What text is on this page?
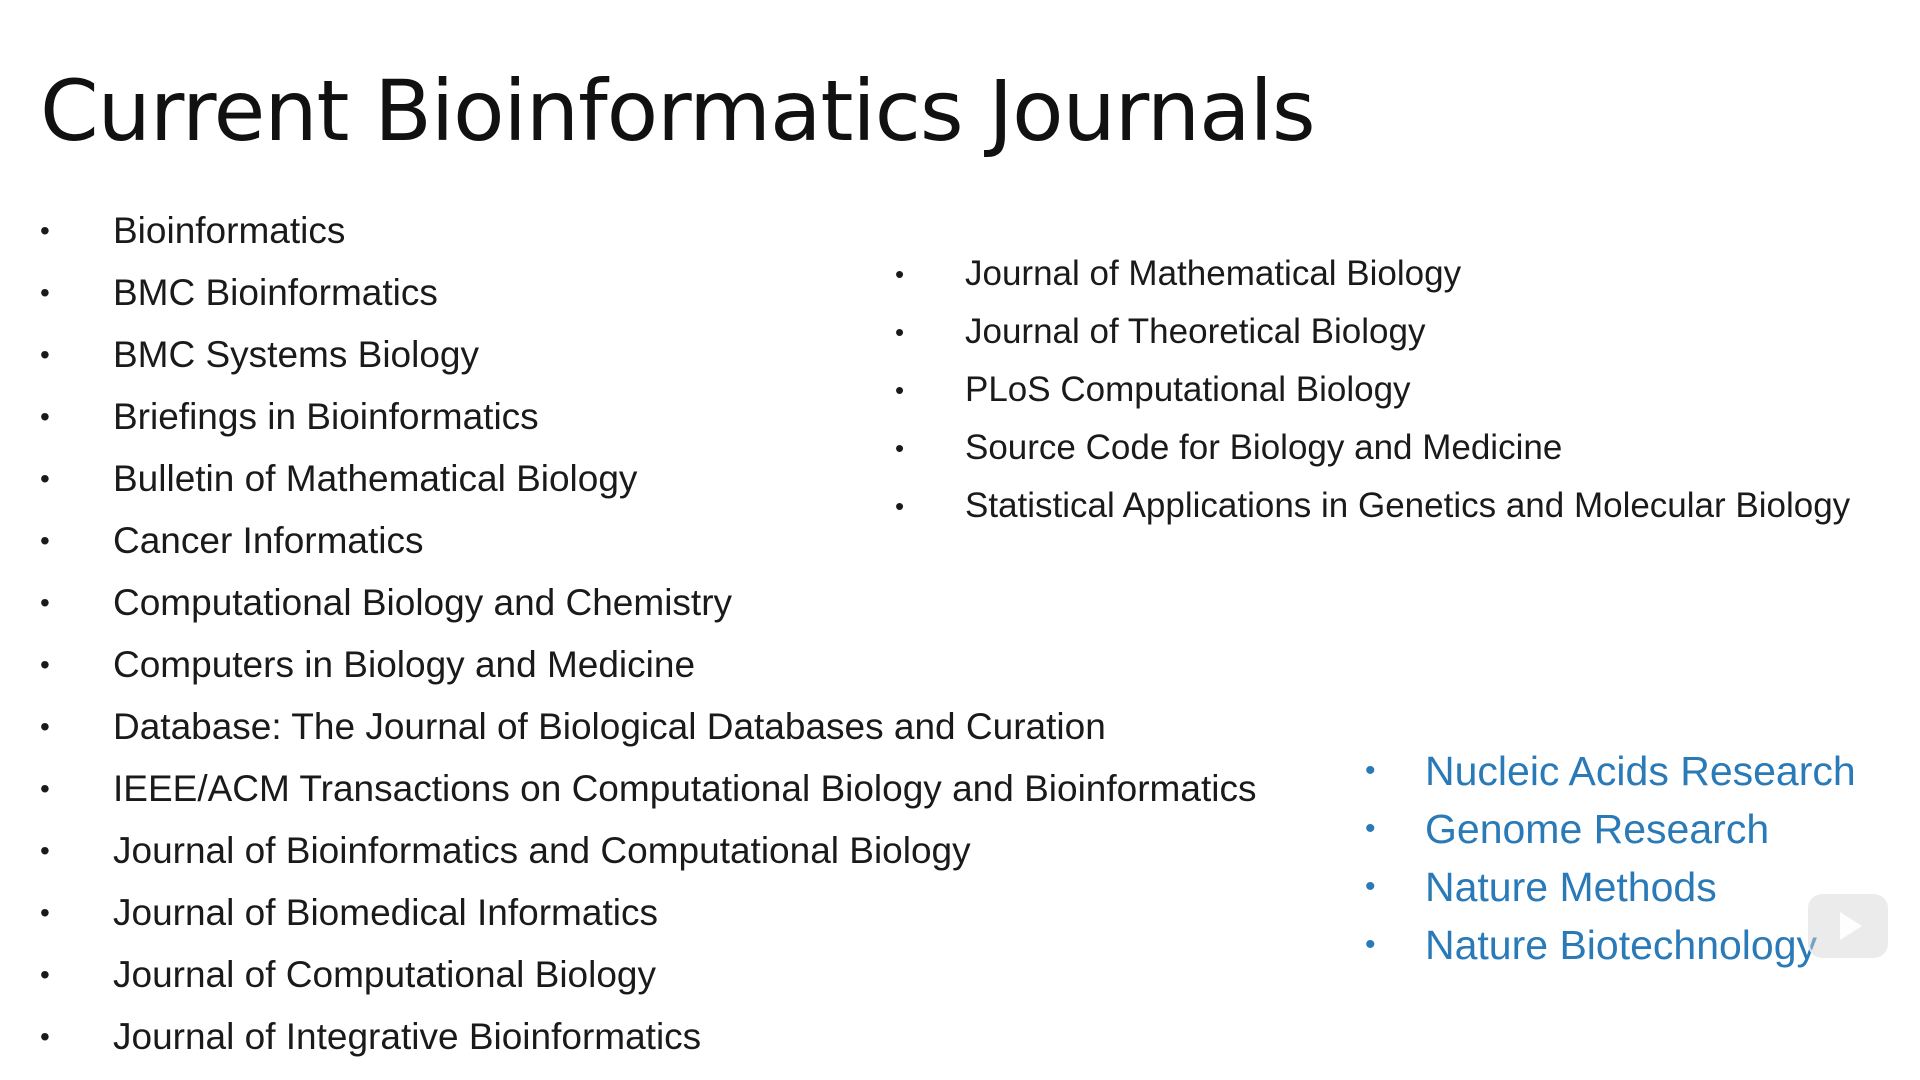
Current Bioinformatics Journals
• Bioinformatics
• BMC Bioinformatics
• BMC Systems Biology
• Briefings in Bioinformatics
• Bulletin of Mathematical Biology
• Cancer Informatics
• Computational Biology and Chemistry
• Computers in Biology and Medicine
• Database: The Journal of Biological Databases and Curation
• IEEE/ACM Transactions on Computational Biology and Bioinformatics
• Journal of Bioinformatics and Computational Biology
• Journal of Biomedical Informatics
• Journal of Computational Biology
• Journal of Integrative Bioinformatics
• Journal of Mathematical Biology
• Journal of Theoretical Biology
• PLoS Computational Biology
• Source Code for Biology and Medicine
• Statistical Applications in Genetics and Molecular Biology
• Nucleic Acids Research
• Genome Research
• Nature Methods
• Nature Biotechnology
